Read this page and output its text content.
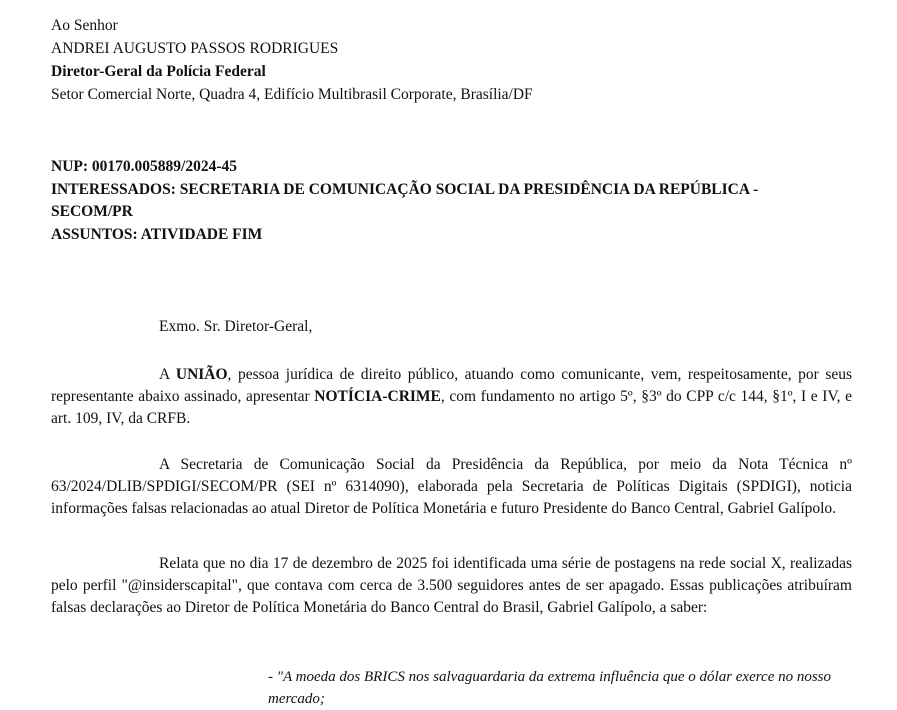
Ao Senhor
ANDREI AUGUSTO PASSOS RODRIGUES
Diretor-Geral da Polícia Federal
Setor Comercial Norte, Quadra 4, Edifício Multibrasil Corporate, Brasília/DF
NUP: 00170.005889/2024-45
INTERESSADOS: SECRETARIA DE COMUNICAÇÃO SOCIAL DA PRESIDÊNCIA DA REPÚBLICA -
SECOM/PR
ASSUNTOS: ATIVIDADE FIM
Exmo. Sr. Diretor-Geral,
A UNIÃO, pessoa jurídica de direito público, atuando como comunicante, vem, respeitosamente, por seus representante abaixo assinado, apresentar NOTÍCIA-CRIME, com fundamento no artigo 5º, §3º do CPP c/c 144, §1º, I e IV, e art. 109, IV, da CRFB.
A Secretaria de Comunicação Social da Presidência da República, por meio da Nota Técnica nº 63/2024/DLIB/SPDIGI/SECOM/PR (SEI nº 6314090), elaborada pela Secretaria de Políticas Digitais (SPDIGI), noticia informações falsas relacionadas ao atual Diretor de Política Monetária e futuro Presidente do Banco Central, Gabriel Galípolo.
Relata que no dia 17 de dezembro de 2025 foi identificada uma série de postagens na rede social X, realizadas pelo perfil "@insiderscapital", que contava com cerca de 3.500 seguidores antes de ser apagado. Essas publicações atribuíram falsas declarações ao Diretor de Política Monetária do Banco Central do Brasil, Gabriel Galípolo, a saber:
- "A moeda dos BRICS nos salvaguardaria da extrema influência que o dólar exerce no nosso mercado;
